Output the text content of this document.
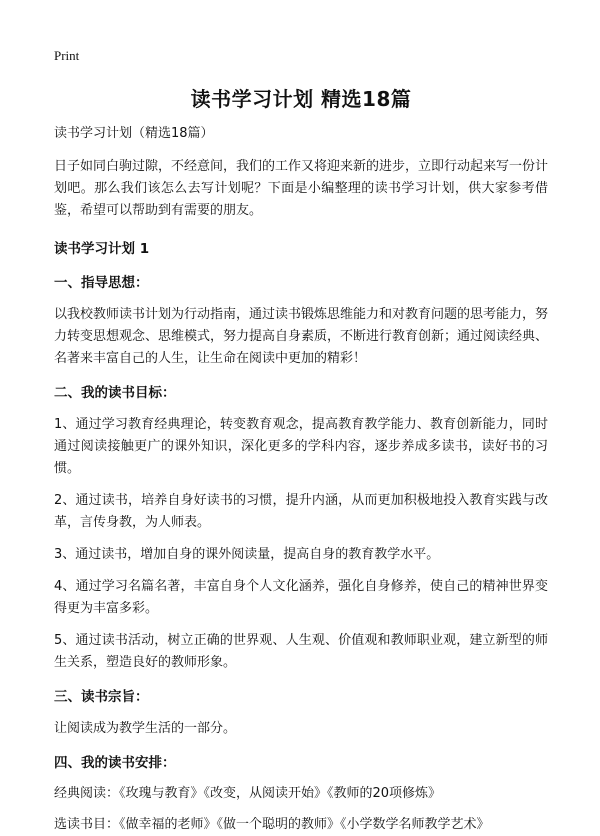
Print

读书学习计划 精选18篇

读书学习计划（精选18篇）

日子如同白驹过隙，不经意间，我们的工作又将迎来新的进步，立即行动起来写一份计划吧。那么我们该怎么去写计划呢？下面是小编整理的读书学习计划，供大家参考借鉴，希望可以帮助到有需要的朋友。

读书学习计划 1
一、指导思想：

以我校教师读书计划为行动指南，通过读书锻炼思维能力和对教育问题的思考能力，努力转变思想观念、思维模式，努力提高自身素质，不断进行教育创新；通过阅读经典、名著来丰富自己的人生，让生命在阅读中更加的精彩！

二、我的读书目标：

1、通过学习教育经典理论，转变教育观念，提高教育教学能力、教育创新能力，同时通过阅读接触更广的课外知识，深化更多的学科内容，逐步养成多读书，读好书的习惯。

2、通过读书，培养自身好读书的习惯，提升内涵，从而更加积极地投入教育实践与改革，言传身教，为人师表。

3、通过读书，增加自身的课外阅读量，提高自身的教育教学水平。

4、通过学习名篇名著，丰富自身个人文化涵养，强化自身修养，使自己的精神世界变得更为丰富多彩。

5、通过读书活动，树立正确的世界观、人生观、价值观和教师职业观，建立新型的师生关系，塑造良好的教师形象。

三、读书宗旨：

让阅读成为教学生活的一部分。

四、我的读书安排：

经典阅读：《玫瑰与教育》《改变，从阅读开始》《教师的20项修炼》

选读书目：《做幸福的老师》《做一个聪明的教师》《小学数学名师教学艺术》
